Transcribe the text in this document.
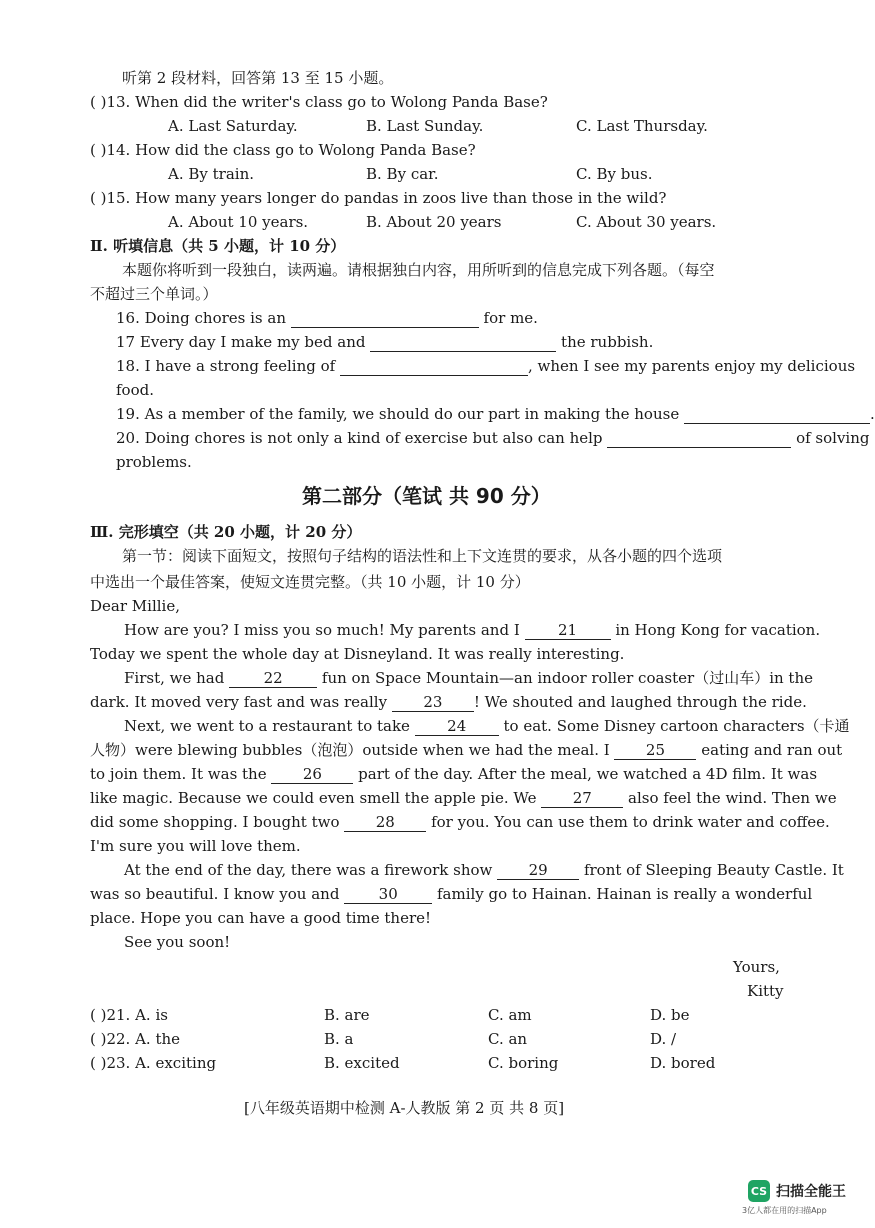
听第 2 段材料，回答第 13 至 15 小题。
( )13. When did the writer's class go to Wolong Panda Base?
A. Last Saturday.	B. Last Sunday.	C. Last Thursday.
( )14. How did the class go to Wolong Panda Base?
A. By train.	B. By car.	C. By bus.
( )15. How many years longer do pandas in zoos live than those in the wild?
A. About 10 years.	B. About 20 years	C. About 30 years.
Ⅱ. 听填信息（共 5 小题，计 10 分）
本题你将听到一段独白，读两遍。请根据独白内容，用所听到的信息完成下列各题。（每空
不超过三个单词。）
16. Doing chores is an	for me.
17 Every day I make my bed and	the rubbish.
18. I have a strong feeling of	, when I see my parents enjoy my delicious
food.
19. As a member of the family, we should do our part in making the house	.
20. Doing chores is not only a kind of exercise but also can help	of solving
problems.
第二部分（笔试 共 90 分）
Ⅲ. 完形填空（共 20 小题，计 20 分）
第一节：阅读下面短文，按照句子结构的语法性和上下文连贯的要求，从各小题的四个选项
中选出一个最佳答案，使短文连贯完整。（共 10 小题，计 10 分）
Dear Millie,
How are you? I miss you so much! My parents and I	21	in Hong Kong for vacation.
Today we spent the whole day at Disneyland. It was really interesting.
First, we had	22	fun on Space Mountain—an indoor roller coaster（过山车）in the
dark. It moved very fast and was really 23 ! We shouted and laughed through the ride.
Next, we went to a restaurant to take 24 to eat. Some Disney cartoon characters（卡通
人物）were blewing bubbles（泡泡）outside when we had the meal. I 25 eating and ran out
to join them. It was the 26 part of the day. After the meal, we watched a 4D film. It was
like magic. Because we could even smell the apple pie. We 27 also feel the wind. Then we
did some shopping. I bought two 28 for you. You can use them to drink water and coffee.
I'm sure you will love them.
At the end of the day, there was a firework show 29 front of Sleeping Beauty Castle. It
was so beautiful. I know you and	30	family go to Hainan. Hainan is really a wonderful
place. Hope you can have a good time there!
See you soon!
Yours,
Kitty
( )21. A. is	B. are	C. am	D. be
( )22. A. the	B. a	C. an	D. /
( )23. A. exciting	B. excited	C. boring	D. bored
[八年级英语期中检测 A-人教版 第 2 页 共 8 页]
CS 扫描全能王
3亿人都在用的扫描App
